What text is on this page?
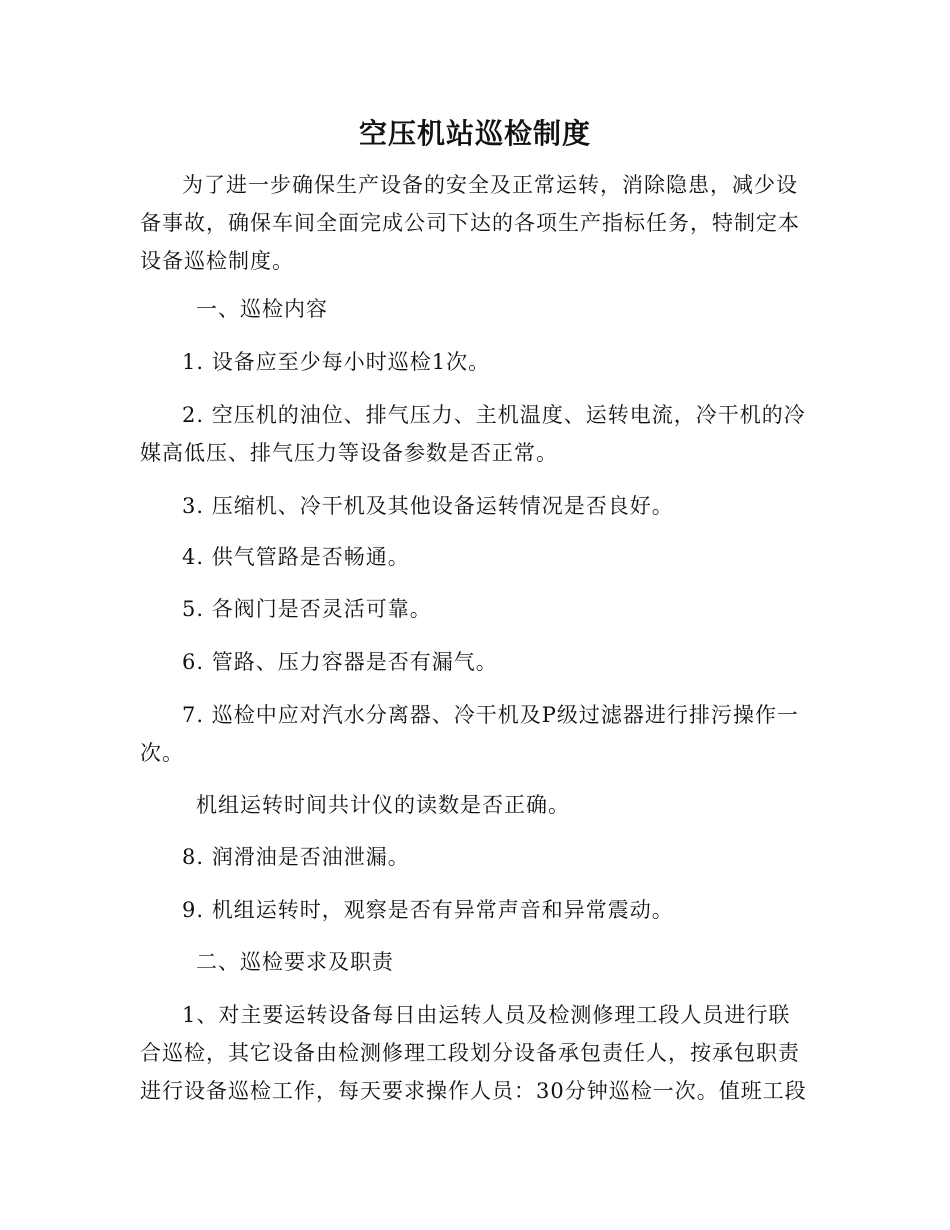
空压机站巡检制度
为了进一步确保生产设备的安全及正常运转，消除隐患，减少设备事故，确保车间全面完成公司下达的各项生产指标任务，特制定本设备巡检制度。
一、巡检内容
1. 设备应至少每小时巡检1次。
2. 空压机的油位、排气压力、主机温度、运转电流，冷干机的冷媒高低压、排气压力等设备参数是否正常。
3. 压缩机、冷干机及其他设备运转情况是否良好。
4. 供气管路是否畅通。
5. 各阀门是否灵活可靠。
6. 管路、压力容器是否有漏气。
7. 巡检中应对汽水分离器、冷干机及P级过滤器进行排污操作一次。
机组运转时间共计仪的读数是否正确。
8. 润滑油是否油泄漏。
9. 机组运转时，观察是否有异常声音和异常震动。
二、巡检要求及职责
1、对主要运转设备每日由运转人员及检测修理工段人员进行联合巡检，其它设备由检测修理工段划分设备承包责任人，按承包职责进行设备巡检工作，每天要求操作人员：30分钟巡检一次。值班工段
